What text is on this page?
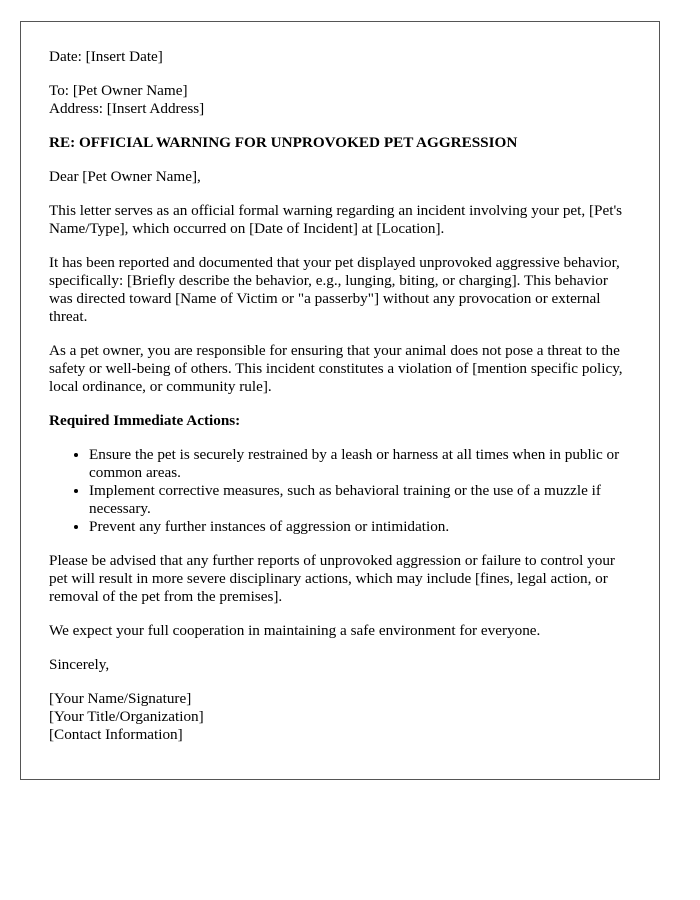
Date: [Insert Date]

To: [Pet Owner Name]
Address: [Insert Address]

RE: OFFICIAL WARNING FOR UNPROVOKED PET AGGRESSION

Dear [Pet Owner Name],

This letter serves as an official formal warning regarding an incident involving your pet, [Pet's Name/Type], which occurred on [Date of Incident] at [Location].

It has been reported and documented that your pet displayed unprovoked aggressive behavior, specifically: [Briefly describe the behavior, e.g., lunging, biting, or charging]. This behavior was directed toward [Name of Victim or "a passerby"] without any provocation or external threat.

As a pet owner, you are responsible for ensuring that your animal does not pose a threat to the safety or well-being of others. This incident constitutes a violation of [mention specific policy, local ordinance, or community rule].

Required Immediate Actions:

• Ensure the pet is securely restrained by a leash or harness at all times when in public or common areas.
• Implement corrective measures, such as behavioral training or the use of a muzzle if necessary.
• Prevent any further instances of aggression or intimidation.

Please be advised that any further reports of unprovoked aggression or failure to control your pet will result in more severe disciplinary actions, which may include [fines, legal action, or removal of the pet from the premises].

We expect your full cooperation in maintaining a safe environment for everyone.

Sincerely,

[Your Name/Signature]
[Your Title/Organization]
[Contact Information]
